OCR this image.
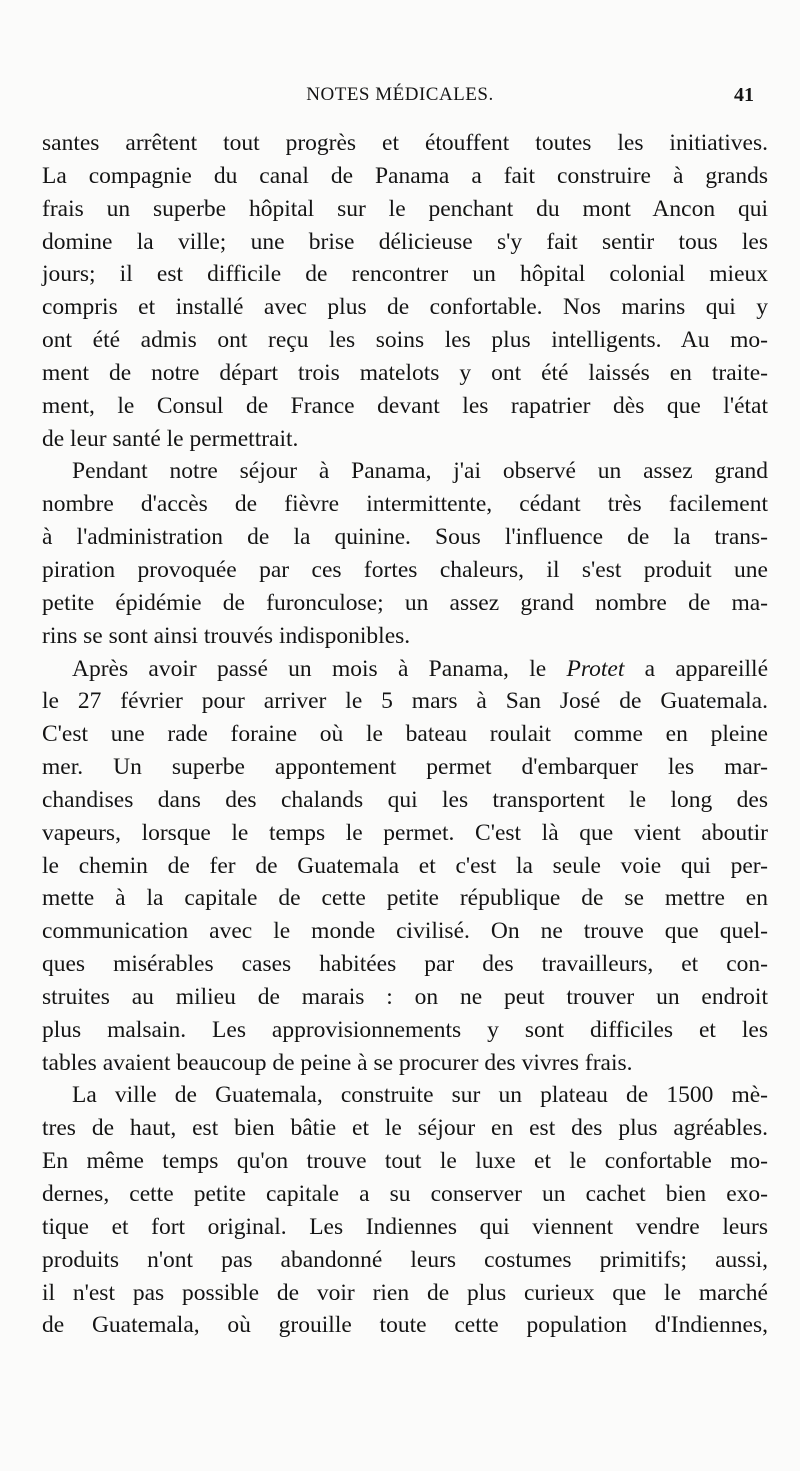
NOTES MÉDICALES.	41
santes arrêtent tout progrès et étouffent toutes les initiatives.
La compagnie du canal de Panama a fait construire à grands
frais un superbe hôpital sur le penchant du mont Ancon qui
domine la ville; une brise délicieuse s'y fait sentir tous les
jours; il est difficile de rencontrer un hôpital colonial mieux
compris et installé avec plus de confortable. Nos marins qui y
ont été admis ont reçu les soins les plus intelligents. Au mo-
ment de notre départ trois matelots y ont été laissés en traite-
ment, le Consul de France devant les rapatrier dès que l'état
de leur santé le permettrait.
Pendant notre séjour à Panama, j'ai observé un assez grand
nombre d'accès de fièvre intermittente, cédant très facilement
à l'administration de la quinine. Sous l'influence de la trans-
piration provoquée par ces fortes chaleurs, il s'est produit une
petite épidémie de furonculose; un assez grand nombre de ma-
rins se sont ainsi trouvés indisponibles.
Après avoir passé un mois à Panama, le Protet a appareillé
le 27 février pour arriver le 5 mars à San José de Guatemala.
C'est une rade foraine où le bateau roulait comme en pleine
mer. Un superbe appontement permet d'embarquer les mar-
chandises dans des chalands qui les transportent le long des
vapeurs, lorsque le temps le permet. C'est là que vient aboutir
le chemin de fer de Guatemala et c'est la seule voie qui per-
mette à la capitale de cette petite république de se mettre en
communication avec le monde civilisé. On ne trouve que quel-
ques misérables cases habitées par des travailleurs, et con-
struites au milieu de marais : on ne peut trouver un endroit
plus malsain. Les approvisionnements y sont difficiles et les
tables avaient beaucoup de peine à se procurer des vivres frais.
La ville de Guatemala, construite sur un plateau de 1500 mè-
tres de haut, est bien bâtie et le séjour en est des plus agréables.
En même temps qu'on trouve tout le luxe et le confortable mo-
dernes, cette petite capitale a su conserver un cachet bien exo-
tique et fort original. Les Indiennes qui viennent vendre leurs
produits n'ont pas abandonné leurs costumes primitifs; aussi,
il n'est pas possible de voir rien de plus curieux que le marché
de Guatemala, où grouille toute cette population d'Indiennes,
